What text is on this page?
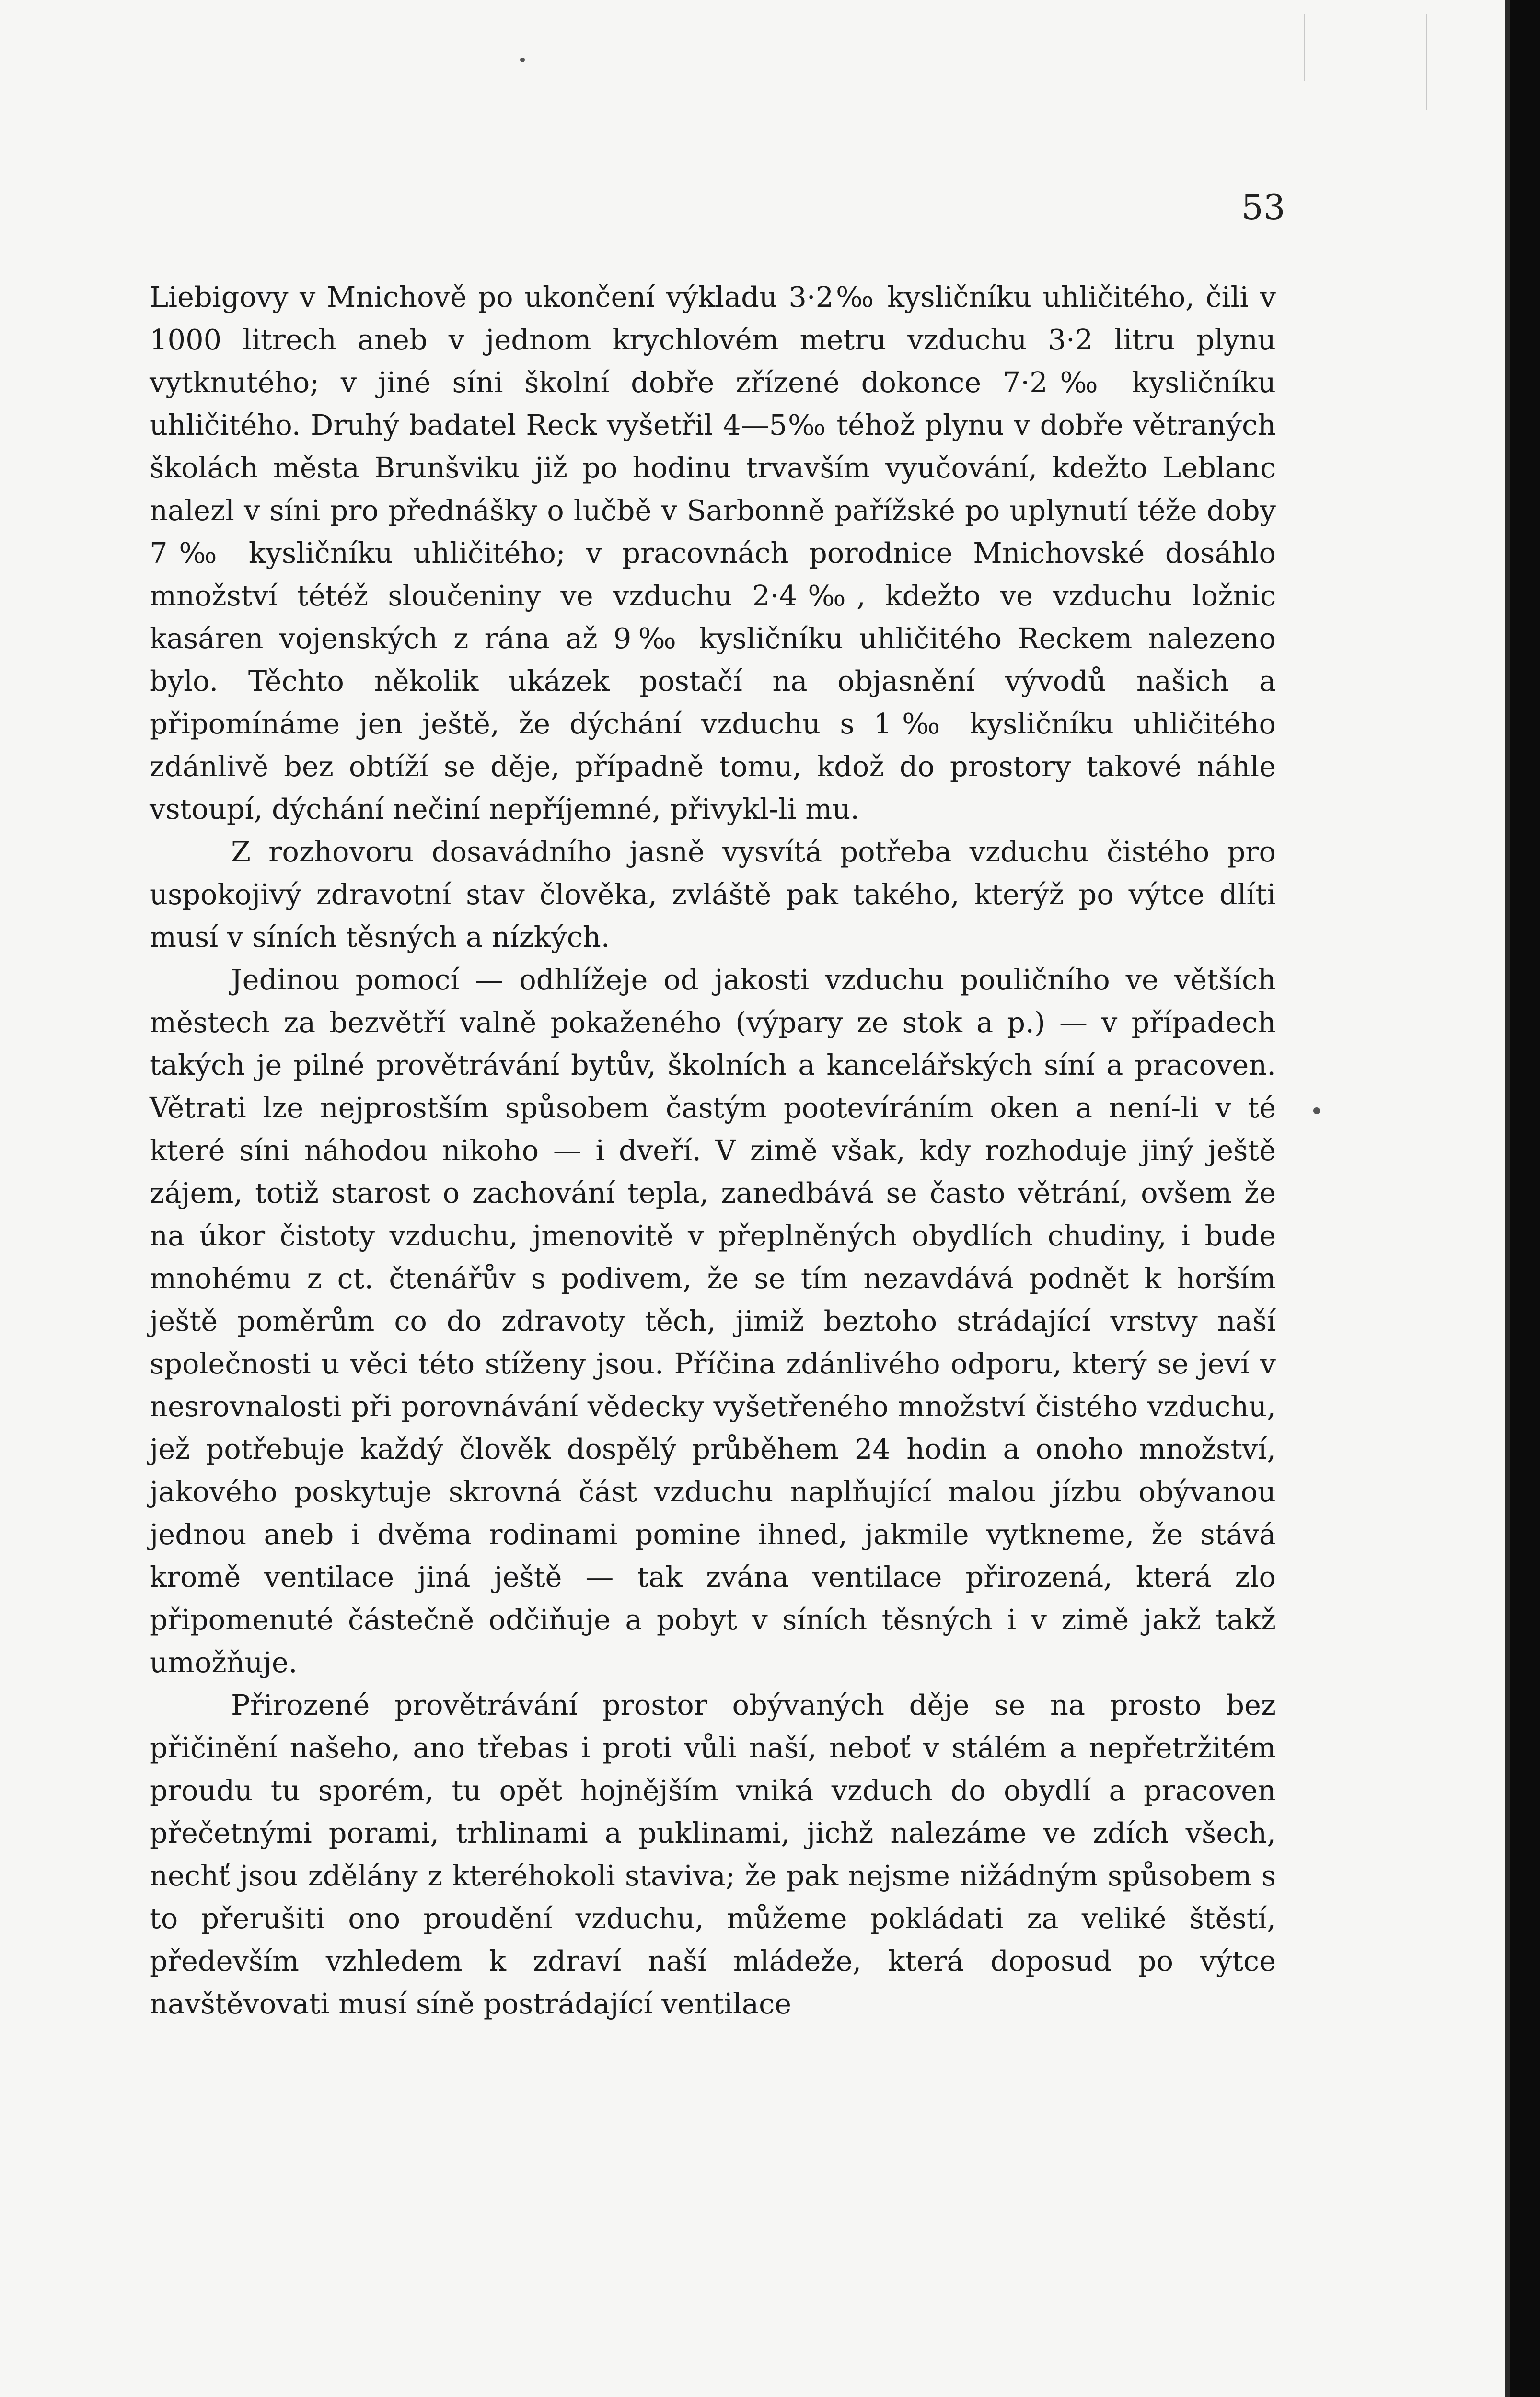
53

Liebigovy v Mnichově po ukončení výkladu 3·2‰ kysličníku uhličitého, čili v 1000 litrech aneb v jednom krychlovém metru vzduchu 3·2 litru plynu vytknutého; v jiné síni školní dobře zřízené dokonce 7·2‰ kysličníku uhličitého. Druhý badatel Reck vyšetřil 4—5‰ téhož plynu v dobře větraných školách města Brunšviku již po hodinu trvavším vyučování, kdežto Leblanc nalezl v síni pro přednášky o lučbě v Sarbonně pařížské po uplynutí téže doby 7‰ kysličníku uhličitého; v pracovnách porodnice Mnichovské dosáhlo množství tétéž sloučeniny ve vzduchu 2·4‰, kdežto ve vzduchu ložnic kasáren vojenských z rána až 9‰ kysličníku uhličitého Reckem nalezeno bylo. Těchto několik ukázek postačí na objasnění vývodů našich a připomínáme jen ještě, že dýchání vzduchu s 1‰ kysličníku uhličitého zdánlivě bez obtíží se děje, případně tomu, kdož do prostory takové náhle vstoupí, dýchání nečiní nepříjemné, přivykl-li mu.

Z rozhovoru dosavádního jasně vysvítá potřeba vzduchu čistého pro uspokojivý zdravotní stav člověka, zvláště pak takého, kterýž po výtce dlíti musí v síních těsných a nízkých.

Jedinou pomocí — odhlížeje od jakosti vzduchu pouličního ve větších městech za bezvětří valně pokaženého (výpary ze stok a p.) — v případech takých je pilné provětrávání bytův, školních a kancelářských síní a pracoven. Větrati lze nejprostším spůsobem častým pootevíráním oken a není-li v té které síni náhodou nikoho — i dveří. V zimě však, kdy rozhoduje jiný ještě zájem, totiž starost o zachování tepla, zanedbává se často větrání, ovšem že na úkor čistoty vzduchu, jmenovitě v přeplněných obydlích chudiny, i bude mnohému z ct. čtenářův s podivem, že se tím nezavdává podnět k horším ještě poměrům co do zdravoty těch, jimiž beztoho strádající vrstvy naší společnosti u věci této stíženy jsou. Příčina zdánlivého odporu, který se jeví v nesrovnalosti při porovnávání vědecky vyšetřeného množství čistého vzduchu, jež potřebuje každý člověk dospělý průběhem 24 hodin a onoho množství, jakového poskytuje skrovná část vzduchu naplňující malou jízbu obývanou jednou aneb i dvěma rodinami pomine ihned, jakmile vytkneme, že stává kromě ventilace jiná ještě — tak zvána ventilace přirozená, která zlo připomenuté částečně odčiňuje a pobyt v síních těsných i v zimě jakž takž umožňuje.

Přirozené provětrávání prostor obývaných děje se na prosto bez přičinění našeho, ano třebas i proti vůli naší, neboť v stálém a nepřetržitém proudu tu sporém, tu opět hojnějším vniká vzduch do obydlí a pracoven přečetnými porami, trhlinami a puklinami, jichž nalezáme ve zdích všech, nechť jsou zdělány z kteréhokoli staviva; že pak nejsme nižádným spůsobem s to přerušiti ono proudění vzduchu, můžeme pokládati za veliké štěstí, především vzhledem k zdraví naší mládeže, která doposud po výtce navštěvovati musí síně postrádající ventilace
